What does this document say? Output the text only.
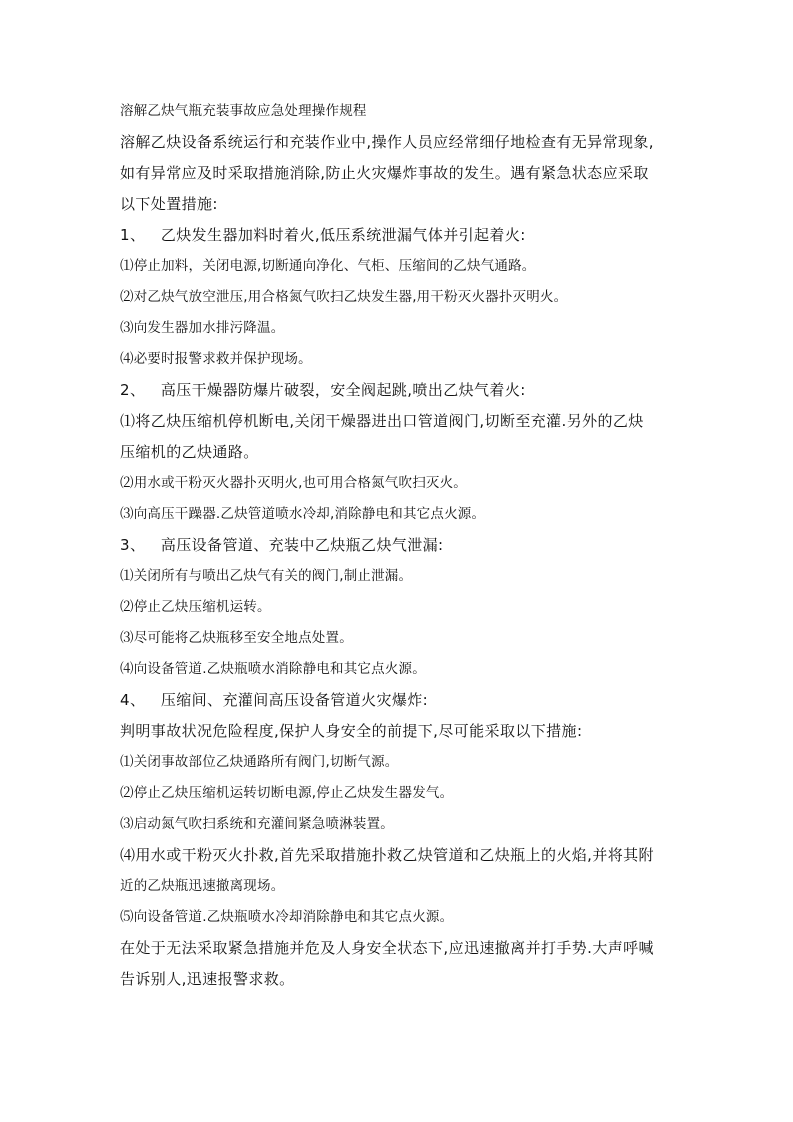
溶解乙炔气瓶充装事故应急处理操作规程

溶解乙炔设备系统运行和充装作业中,操作人员应经常细仔地检查有无异常现象,

如有异常应及时采取措施消除,防止火灾爆炸事故的发生。遇有紧急状态应采取

以下处置措施:

1、   乙炔发生器加料时着火,低压系统泄漏气体并引起着火:

⑴停止加料，关闭电源,切断通向净化、气柜、压缩间的乙炔气通路。

⑵对乙炔气放空泄压,用合格氮气吹扫乙炔发生器,用干粉灭火器扑灭明火。

⑶向发生器加水排污降温。

⑷必要时报警求救并保护现场。

2、   高压干燥器防爆片破裂，安全阀起跳,喷出乙炔气着火:

⑴将乙炔压缩机停机断电,关闭干燥器进出口管道阀门,切断至充灌.另外的乙炔

压缩机的乙炔通路。

⑵用水或干粉灭火器扑灭明火,也可用合格氮气吹扫灭火。

⑶向高压干躁器.乙炔管道喷水冷却,消除静电和其它点火源。

3、   高压设备管道、充装中乙炔瓶乙炔气泄漏:

⑴关闭所有与喷出乙炔气有关的阀门,制止泄漏。

⑵停止乙炔压缩机运转。

⑶尽可能将乙炔瓶移至安全地点处置。

⑷向设备管道.乙炔瓶喷水消除静电和其它点火源。

4、   压缩间、充灌间高压设备管道火灾爆炸:

判明事故状况危险程度,保护人身安全的前提下,尽可能采取以下措施:

⑴关闭事故部位乙炔通路所有阀门,切断气源。

⑵停止乙炔压缩机运转切断电源,停止乙炔发生器发气。

⑶启动氮气吹扫系统和充灌间紧急喷淋装置。

⑷用水或干粉灭火扑救,首先采取措施扑救乙炔管道和乙炔瓶上的火焰,并将其附

近的乙炔瓶迅速撤离现场。

⑸向设备管道.乙炔瓶喷水冷却消除静电和其它点火源。

在处于无法采取紧急措施并危及人身安全状态下,应迅速撤离并打手势.大声呼喊

告诉别人,迅速报警求救。
